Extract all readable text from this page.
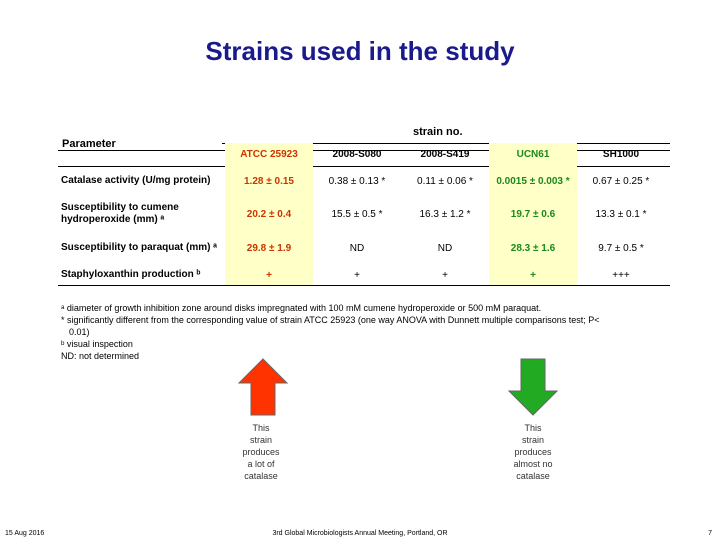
Strains used in the study
Parameter
strain no.
	ATCC 25923	2008-S080	2008-S419	UCN61	SH1000
Catalase activity (U/mg protein)	1.28 ± 0.15	0.38 ± 0.13 *	0.11 ± 0.06 *	0.0015 ± 0.003 *	0.67 ± 0.25 *
Susceptibility to cumene hydroperoxide (mm) ᵃ	20.2 ± 0.4	15.5 ± 0.5 *	16.3 ± 1.2 *	19.7 ± 0.6	13.3 ± 0.1 *
Susceptibility to paraquat (mm) ᵃ	29.8 ± 1.9	ND	ND	28.3 ± 1.6	9.7 ± 0.5 *
Staphyloxanthin production ᵇ	+	+	+	+	+++
ᵃ diameter of growth inhibition zone around disks impregnated with 100 mM cumene hydroperoxide or 500 mM paraquat.
* significantly different from the corresponding value of strain ATCC 25923 (one way ANOVA with Dunnett multiple comparisons test; P<
0.01)
ᵇ visual inspection
ND: not determined
This
strain
produces
a lot of
catalase
This
strain
produces
almost no
catalase
15 Aug 2016	3rd Global Microbiologists Annual Meeting, Portland, OR	7
